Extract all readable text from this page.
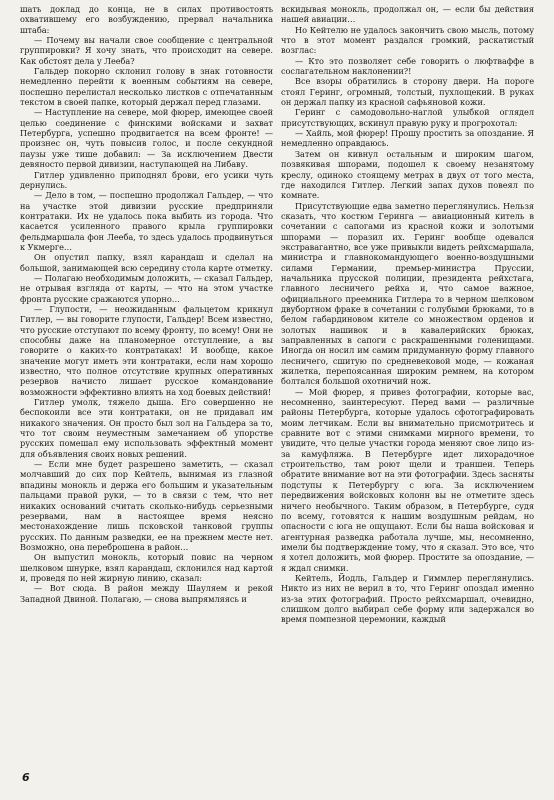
шать доклад до конца, не в силах противостоять охватившему его возбуждению, прервал начальника штаба:

— Почему вы начали свое сообщение с центральной группировки? Я хочу знать, что происходит на севере. Как обстоят дела у Лееба?

Гальдер покорно склонил голову в знак готовности немедленно перейти к военным событиям на севере, поспешно перелистал несколько листков с отпечатанным текстом в своей папке, который держал перед глазами.

— Наступление на севере, мой фюрер, имеющее своей целью соединение с финскими войсками и захват Петербурга, успешно продвигается на всем фронте! — произнес он, чуть повысив голос, и после секундной паузы уже тише добавил: — За исключением Двести девяносто первой дивизии, наступающей на Либаву.

Гитлер удивленно приподнял брови, его усики чуть дернулись.

— Дело в том, — поспешно продолжал Гальдер, — что на участке этой дивизии русские предприняли контратаки. Их не удалось пока выбить из города. Что касается усиленного правого крыла группировки фельдмаршала фон Лееба, то здесь удалось продвинуться к Укмерге…

Он опустил папку, взял карандаш и сделал на большой, занимающей всю середину стола карте отметку.

— Полагаю необходимым доложить, — сказал Гальдер, не отрывая взгляда от карты, — что на этом участке фронта русские сражаются упорно…

— Глупости, — неожиданным фальцетом крикнул Гитлер, — вы говорите глупости, Гальдер! Всем известно, что русские отступают по всему фронту, по всему! Они не способны даже на планомерное отступление, а вы говорите о каких-то контратаках! И вообще, какое значение могут иметь эти контратаки, если нам хорошо известно, что полное отсутствие крупных оперативных резервов начисто лишает русское командование возможности эффективно влиять на ход боевых действий!

Гитлер умолк, тяжело дыша. Его совершенно не беспокоили все эти контратаки, он не придавал им никакого значения. Он просто был зол на Гальдера за то, что тот своим неуместным замечанием об упорстве русских помешал ему использовать эффектный момент для объявления своих новых решений.

— Если мне будет разрешено заметить, — сказал молчавший до сих пор Кейтель, вынимая из глазной впадины монокль и держа его большим и указательным пальцами правой руки, — то в связи с тем, что нет никаких оснований считать сколько-нибудь серьезными резервами, нам в настоящее время неясно местонахождение лишь псковской танковой группы русских. По данным разведки, ее на прежнем месте нет. Возможно, она переброшена в район…

Он выпустил монокль, который повис на черном шелковом шнурке, взял карандаш, склонился над картой и, проведя по ней жирную линию, сказал:

— Вот сюда. В район между Шауляем и рекой Западной Двиной. Полагаю, — снова выпрямляясь и

вскидывая монокль, продолжал он, — если бы действия нашей авиации…

Но Кейтелю не удалось закончить свою мысль, потому что в этот момент раздался громкий, раскатистый возглас:

— Кто это позволяет себе говорить о люфтваффе в сослагательном наклонении?!

Все взоры обратились в сторону двери. На пороге стоял Геринг, огромный, толстый, пухлощекий. В руках он держал папку из красной сафьяновой кожи.

Геринг с самодовольно-наглой улыбкой оглядел присутствующих, вскинул правую руку и прогрохотал:

— Хайль, мой фюрер! Прошу простить за опоздание. Я немедленно оправдаюсь.

Затем он кивнул остальным и широким шагом, позвякивая шпорами, подошел к своему незанятому креслу, одиноко стоящему метрах в двух от того места, где находился Гитлер. Легкий запах духов повеял по комнате.

Присутствующие едва заметно переглянулись. Нельзя сказать, что костюм Геринга — авиационный китель в сочетании с сапогами из красной кожи и золотыми шпорами — поразил их. Геринг вообще одевался экстравагантно, все уже привыкли видеть рейхсмаршала, министра и главнокомандующего военно-воздушными силами Германии, премьер-министра Пруссии, начальника прусской полиции, президента рейхстага, главного лесничего рейха и, что самое важное, официального преемника Гитлера то в черном шелковом двубортном фраке в сочетании с голубыми брюками, то в белом габардиновом кителе со множеством орденов и золотых нашивок и в кавалерийских брюках, заправленных в сапоги с раскрашенными голенищами. Иногда он носил им самим придуманную форму главного лесничего, сшитую по средневековой моде, — кожаная жилетка, перепоясанная широким ремнем, на котором болтался большой охотничий нож.

— Мой фюрер, я привез фотографии, которые вас, несомненно, заинтересуют. Перед вами — различные районы Петербурга, которые удалось сфотографировать моим летчикам. Если вы внимательно присмотритесь и сравните вот с этими снимками мирного времени, то увидите, что целые участки города меняют свое лицо из-за камуфляжа. В Петербурге идет лихорадочное строительство, там роют щели и траншеи. Теперь обратите внимание вот на эти фотографии. Здесь засняты подступы к Петербургу с юга. За исключением передвижения войсковых колонн вы не отметите здесь ничего необычного. Таким образом, в Петербурге, судя по всему, готовятся к нашим воздушным рейдам, но опасности с юга не ощущают. Если бы наша войсковая и агентурная разведка работала лучше, мы, несомненно, имели бы подтверждение тому, что я сказал. Это все, что я хотел доложить, мой фюрер. Простите за опоздание, — я ждал снимки.

Кейтель, Йодль, Гальдер и Гиммлер переглянулись. Никто из них не верил в то, что Геринг опоздал именно из-за этих фотографий. Просто рейхсмаршал, очевидно, слишком долго выбирал себе форму или задержался во время помпезной церемонии, каждый

6
